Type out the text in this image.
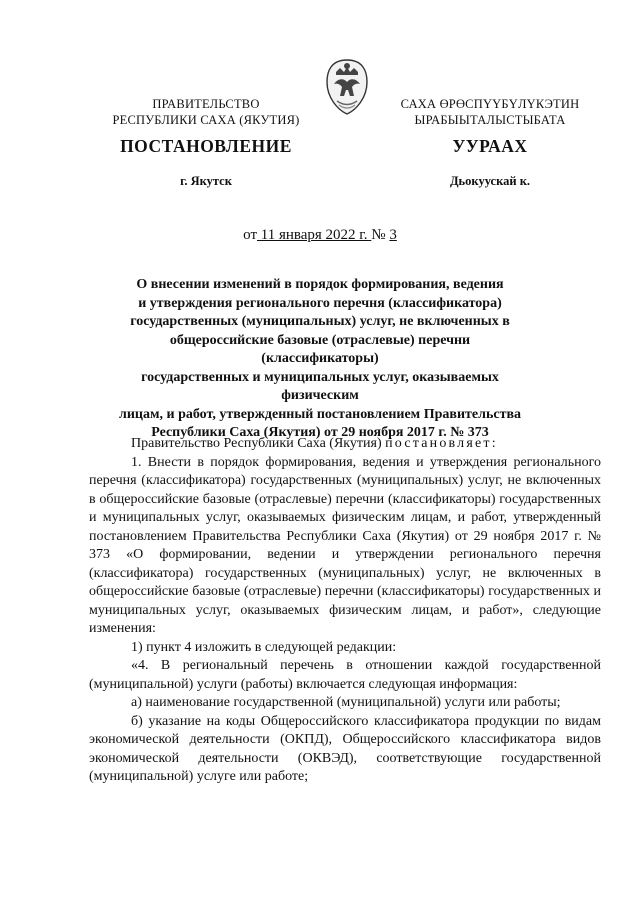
ПРАВИТЕЛЬСТВО
РЕСПУБЛИКИ САХА (ЯКУТИЯ)
САХА ӨРӨСПҮҮБҮЛҮКЭТИН
ЫРАБЫЫТАЛЫСТЫБАТА
ПОСТАНОВЛЕНИЕ	УУРААХ
г. Якутск	Дьокуускай к.
от 11 января 2022 г. № 3
О внесении изменений в порядок формирования, ведения
и утверждения регионального перечня (классификатора)
государственных (муниципальных) услуг, не включенных в
общероссийские базовые (отраслевые) перечни (классификаторы)
государственных и муниципальных услуг, оказываемых физическим
лицам, и работ, утвержденный постановлением Правительства
Республики Саха (Якутия) от 29 ноября 2017 г. № 373

Правительство Республики Саха (Якутия) постановляет:

1. Внести в порядок формирования, ведения и утверждения регионального перечня (классификатора) государственных (муниципальных) услуг, не включенных в общероссийские базовые (отраслевые) перечни (классификаторы) государственных и муниципальных услуг, оказываемых физическим лицам, и работ, утвержденный постановлением Правительства Республики Саха (Якутия) от 29 ноября 2017 г. № 373 «О формировании, ведении и утверждении регионального перечня (классификатора) государственных (муниципальных) услуг, не включенных в общероссийские базовые (отраслевые) перечни (классификаторы) государственных и муниципальных услуг, оказываемых физическим лицам, и работ», следующие изменения:

1) пункт 4 изложить в следующей редакции:

«4. В региональный перечень в отношении каждой государственной (муниципальной) услуги (работы) включается следующая информация:

а) наименование государственной (муниципальной) услуги или работы;

б) указание на коды Общероссийского классификатора продукции по видам экономической деятельности (ОКПД), Общероссийского классификатора видов экономической деятельности (ОКВЭД), соответствующие государственной (муниципальной) услуге или работе;
